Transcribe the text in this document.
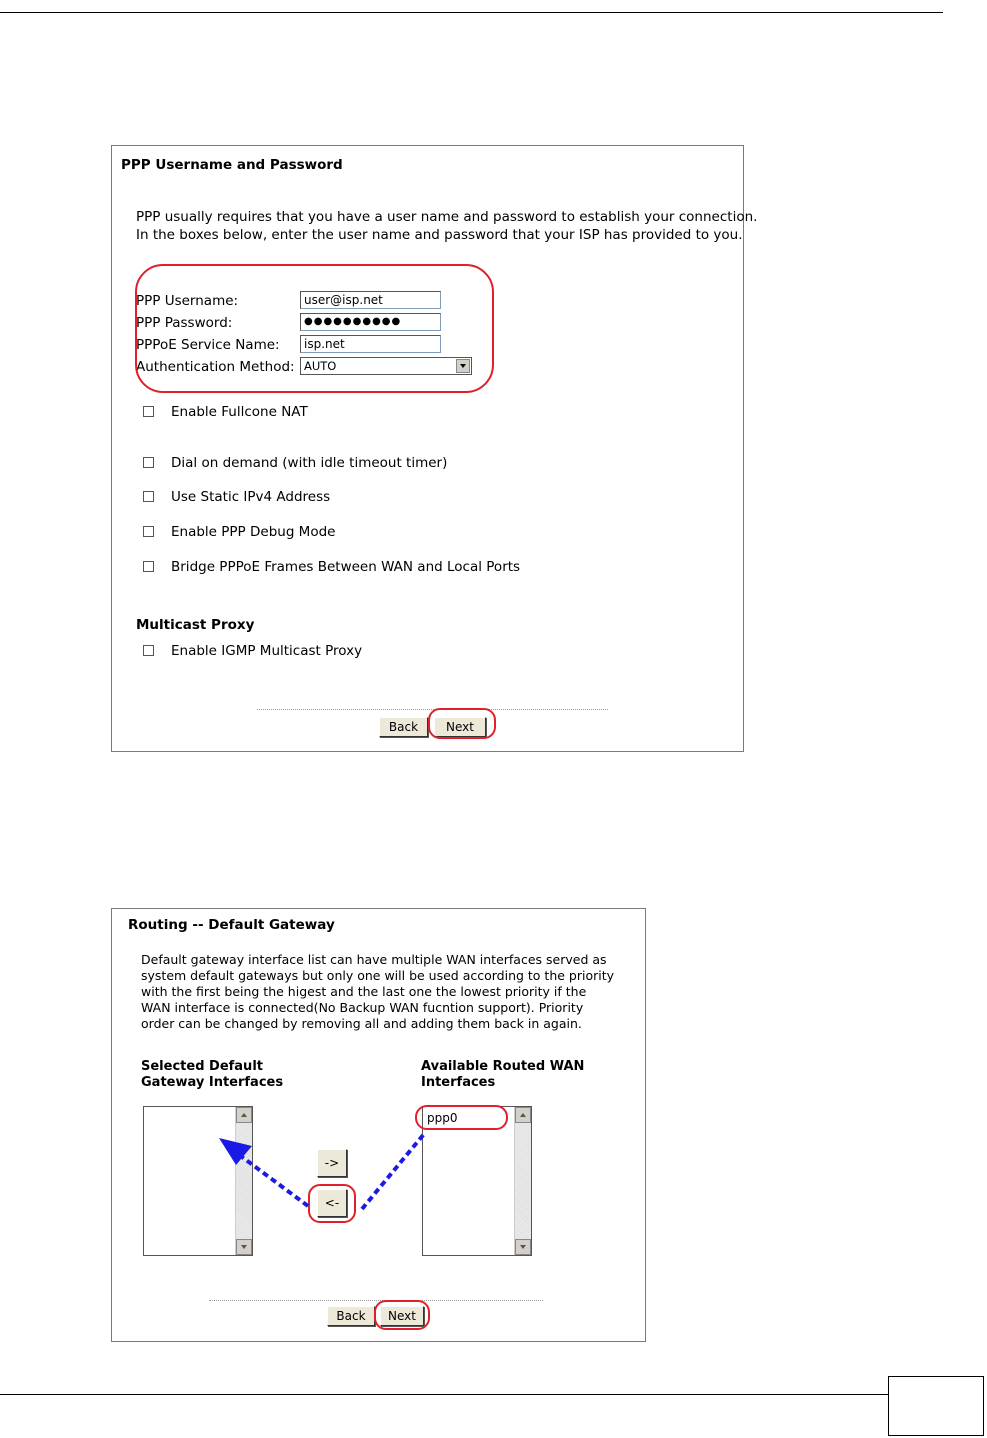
PPP Username and Password
PPP usually requires that you have a user name and password to establish your connection.
In the boxes below, enter the user name and password that your ISP has provided to you.
PPP Username:
user@isp.net
PPP Password:	●●●●●●●●●●
PPPoE Service Name:
isp.net
Authentication Method: AUTO
Enable Fullcone NAT
Dial on demand (with idle timeout timer)
Use Static IPv4 Address
Enable PPP Debug Mode
Bridge PPPoE Frames Between WAN and Local Ports
Multicast Proxy
Enable IGMP Multicast Proxy
Back	Next
Routing -- Default Gateway
Default gateway interface list can have multiple WAN interfaces served as
system default gateways but only one will be used according to the priority
with the first being the higest and the last one the lowest priority if the
WAN interface is connected(No Backup WAN fucntion support). Priority
order can be changed by removing all and adding them back in again.
Selected Default
Gateway Interfaces
Available Routed WAN
Interfaces
ppp0
->
<-
Back	Next
